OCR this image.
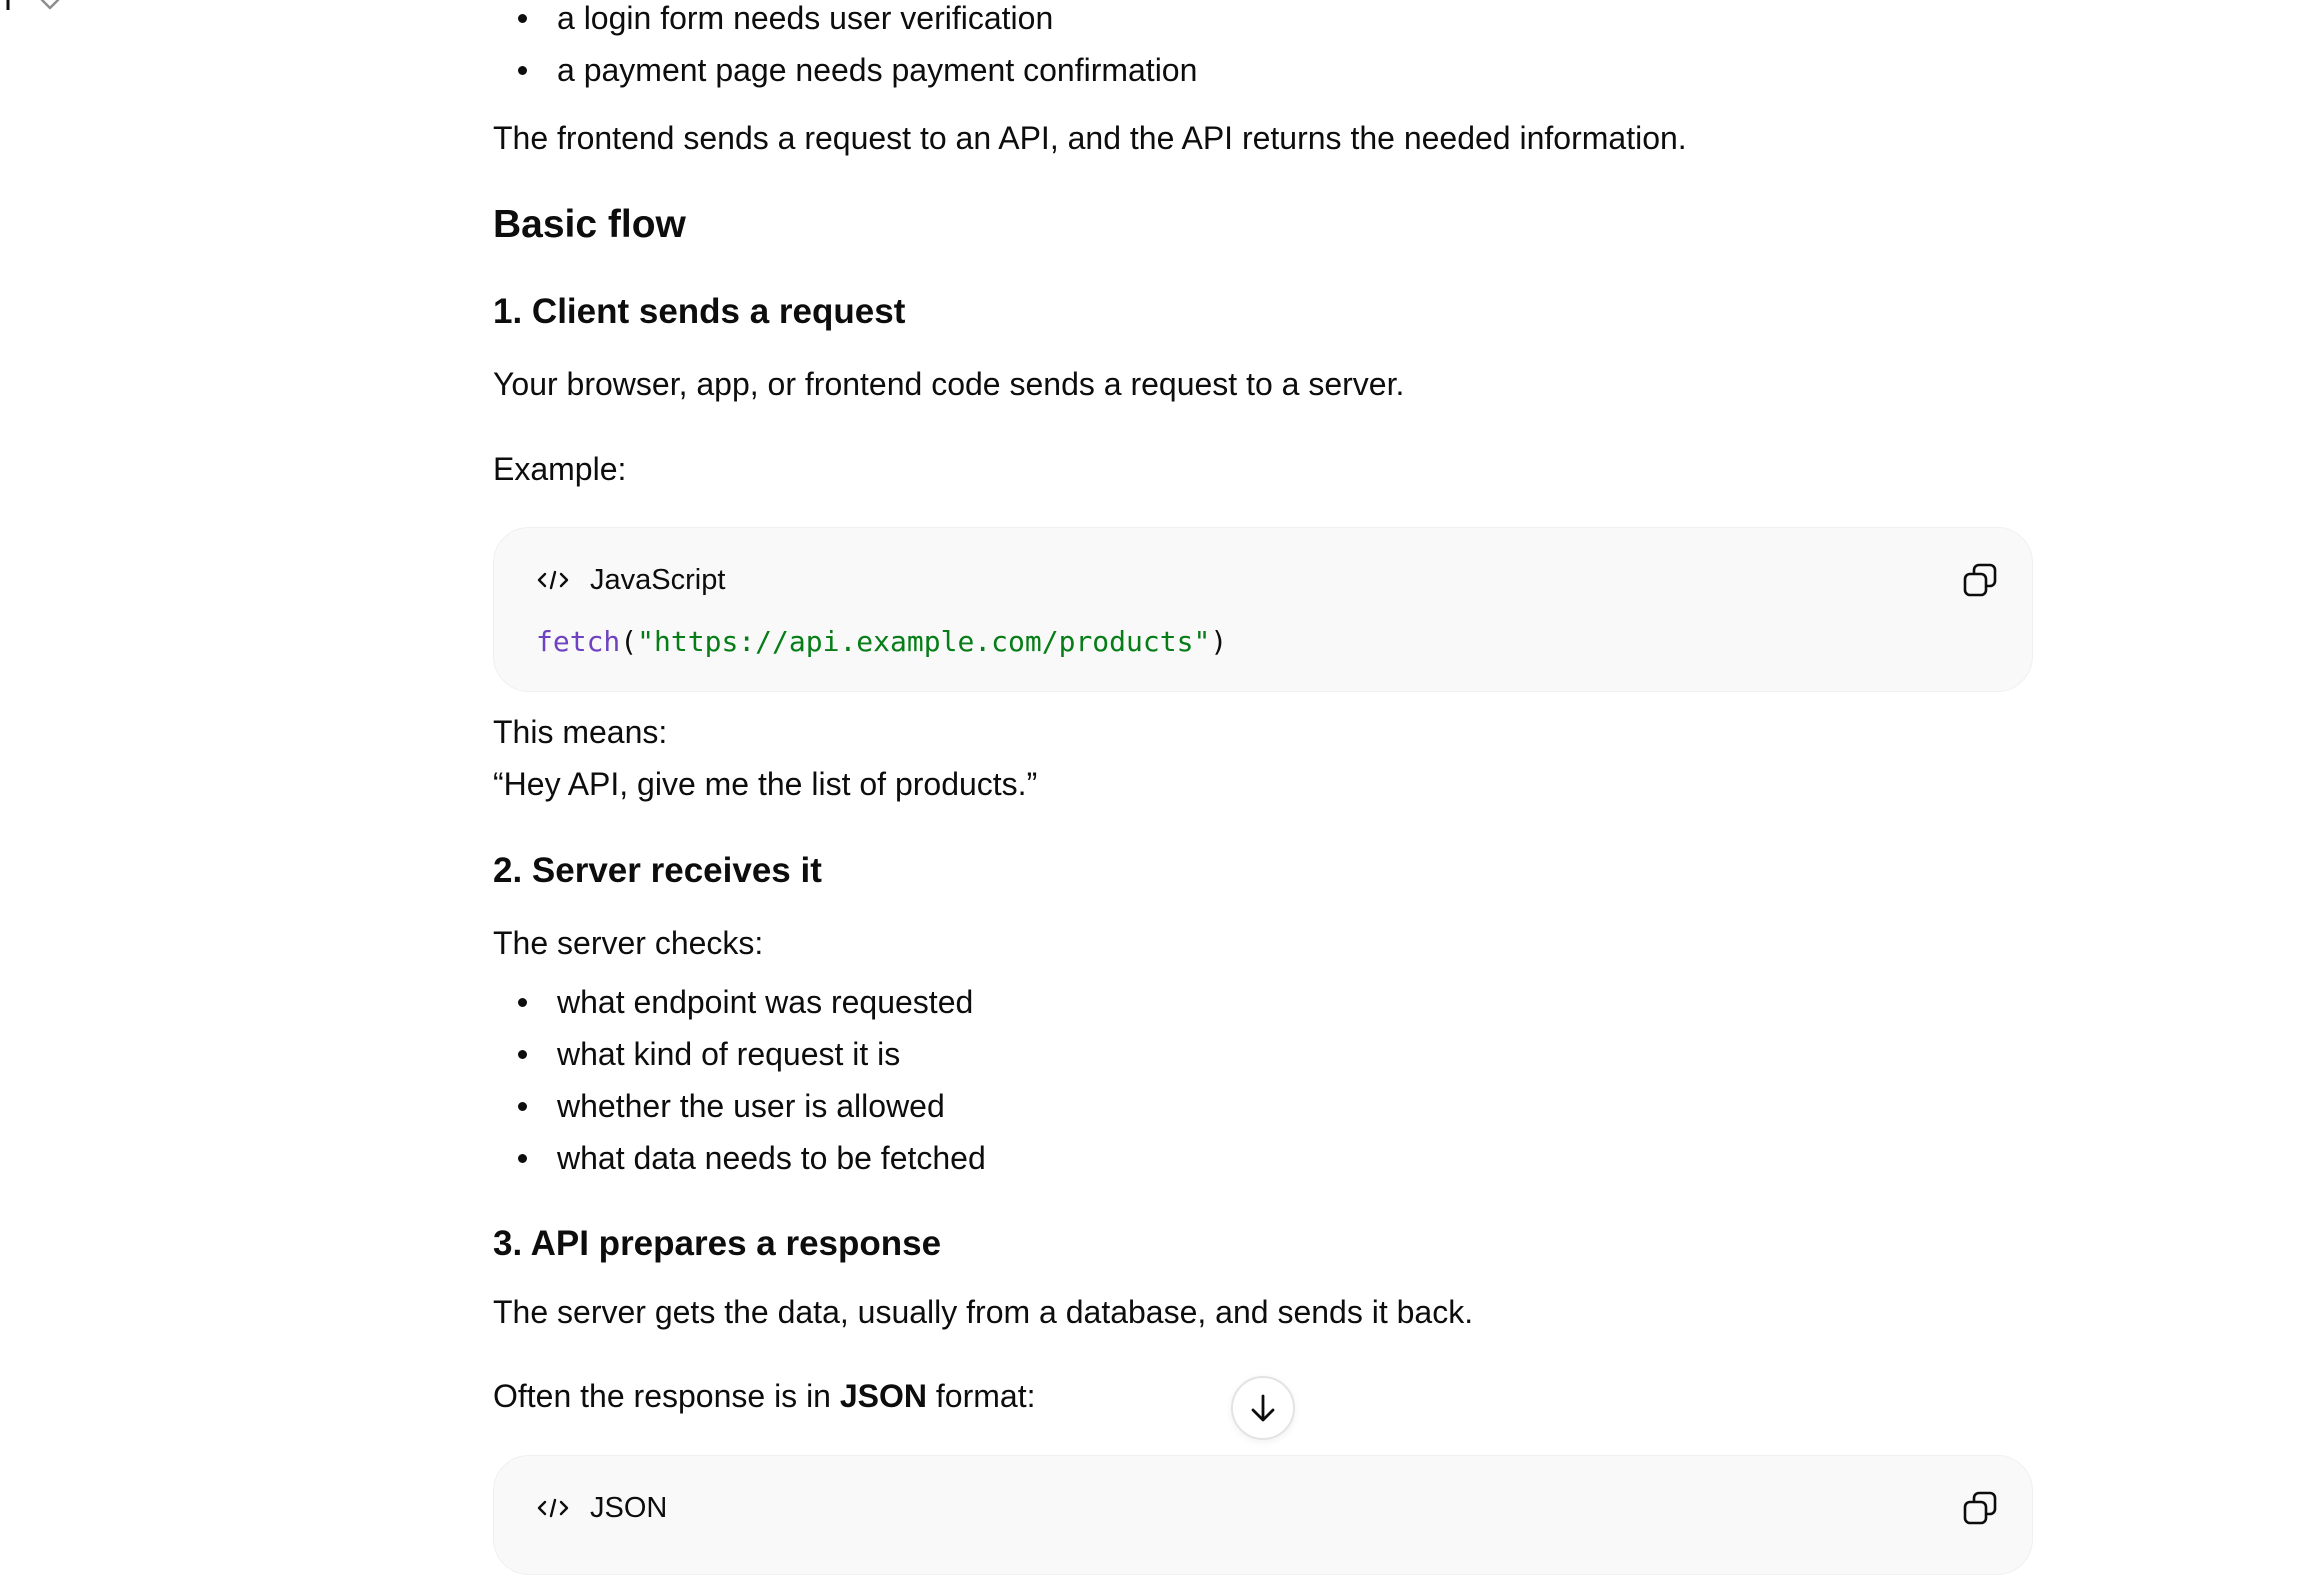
a login form needs user verification
a payment page needs payment confirmation
The frontend sends a request to an API, and the API returns the needed information.
Basic flow
1. Client sends a request
Your browser, app, or frontend code sends a request to a server.
Example:
JavaScript
fetch("https://api.example.com/products")
This means:
“Hey API, give me the list of products.”
2. Server receives it
The server checks:
what endpoint was requested
what kind of request it is
whether the user is allowed
what data needs to be fetched
3. API prepares a response
The server gets the data, usually from a database, and sends it back.
Often the response is in JSON format:
JSON
